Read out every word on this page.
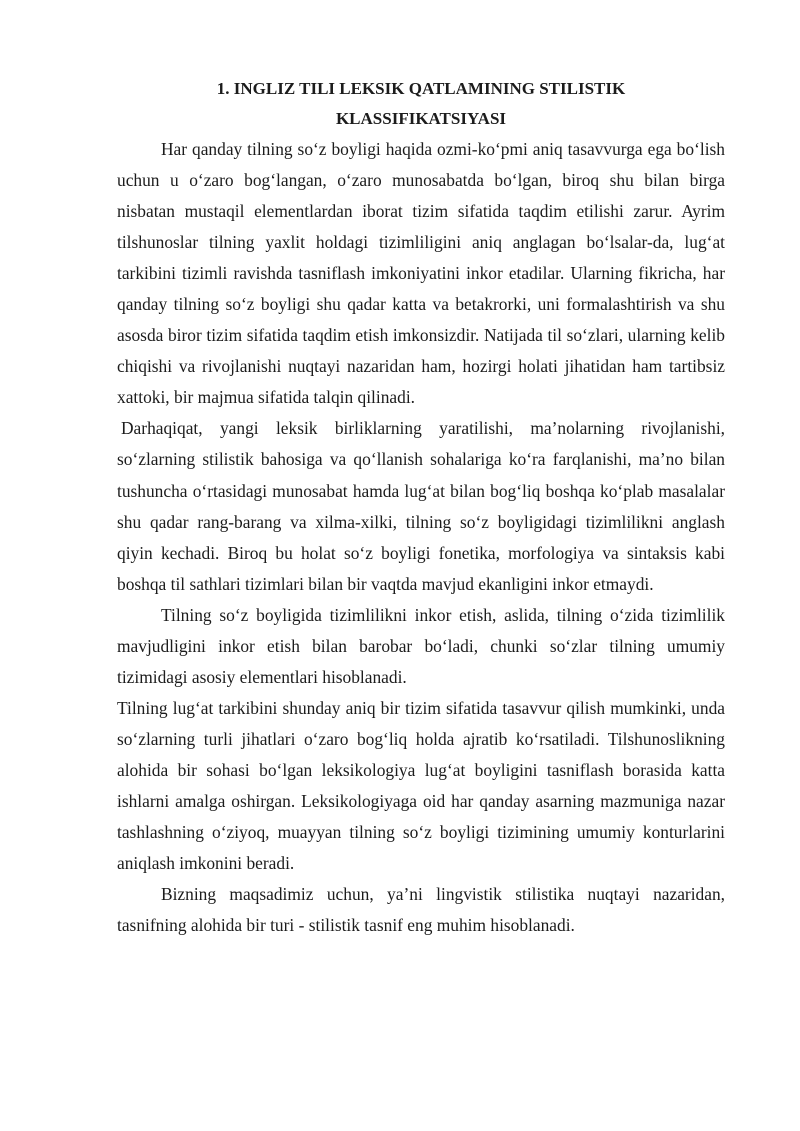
1. INGLIZ TILI LEKSIK QATLAMINING STILISTIK
KLASSIFIKATSIYASI

Har qanday tilning so‘z boyligi haqida ozmi-ko‘pmi aniq tasavvurga ega bo‘lish uchun u o‘zaro bog‘langan, o‘zaro munosabatda bo‘lgan, biroq shu bilan birga nisbatan mustaqil elementlardan iborat tizim sifatida taqdim etilishi zarur. Ayrim tilshunoslar tilning yaxlit holdagi tizimliligini aniq anglagan bo‘lsalar-da, lug‘at tarkibini tizimli ravishda tasniflash imkoniyatini inkor etadilar. Ularning fikricha, har qanday tilning so‘z boyligi shu qadar katta va betakrorki, uni formalashtirish va shu asosda biror tizim sifatida taqdim etish imkonsizdir. Natijada til so‘zlari, ularning kelib chiqishi va rivojlanishi nuqtayi nazaridan ham, hozirgi holati jihatidan ham tartibsiz xattoki, bir majmua sifatida talqin qilinadi.

Darhaqiqat, yangi leksik birliklarning yaratilishi, ma’nolarning rivojlanishi, so‘zlarning stilistik bahosiga va qo‘llanish sohalariga ko‘ra farqlanishi, ma’no bilan tushuncha o‘rtasidagi munosabat hamda lug‘at bilan bog‘liq boshqa ko‘plab masalalar shu qadar rang-barang va xilma-xilki, tilning so‘z boyligidagi tizimlilikni anglash qiyin kechadi. Biroq bu holat so‘z boyligi fonetika, morfologiya va sintaksis kabi boshqa til sathlari tizimlari bilan bir vaqtda mavjud ekanligini inkor etmaydi.

Tilning so‘z boyligida tizimlilikni inkor etish, aslida, tilning o‘zida tizimlilik mavjudligini inkor etish bilan barobar bo‘ladi, chunki so‘zlar tilning umumiy tizimidagi asosiy elementlari hisoblanadi.

Tilning lug‘at tarkibini shunday aniq bir tizim sifatida tasavvur qilish mumkinki, unda so‘zlarning turli jihatlari o‘zaro bog‘liq holda ajratib ko‘rsatiladi. Tilshunoslikning alohida bir sohasi bo‘lgan leksikologiya lug‘at boyligini tasniflash borasida katta ishlarni amalga oshirgan. Leksikologiyaga oid har qanday asarning mazmuniga nazar tashlashning o‘ziyoq, muayyan tilning so‘z boyligi tizimining umumiy konturlarini aniqlash imkonini beradi.

Bizning maqsadimiz uchun, ya’ni lingvistik stilistika nuqtayi nazaridan, tasnifning alohida bir turi - stilistik tasnif eng muhim hisoblanadi.
